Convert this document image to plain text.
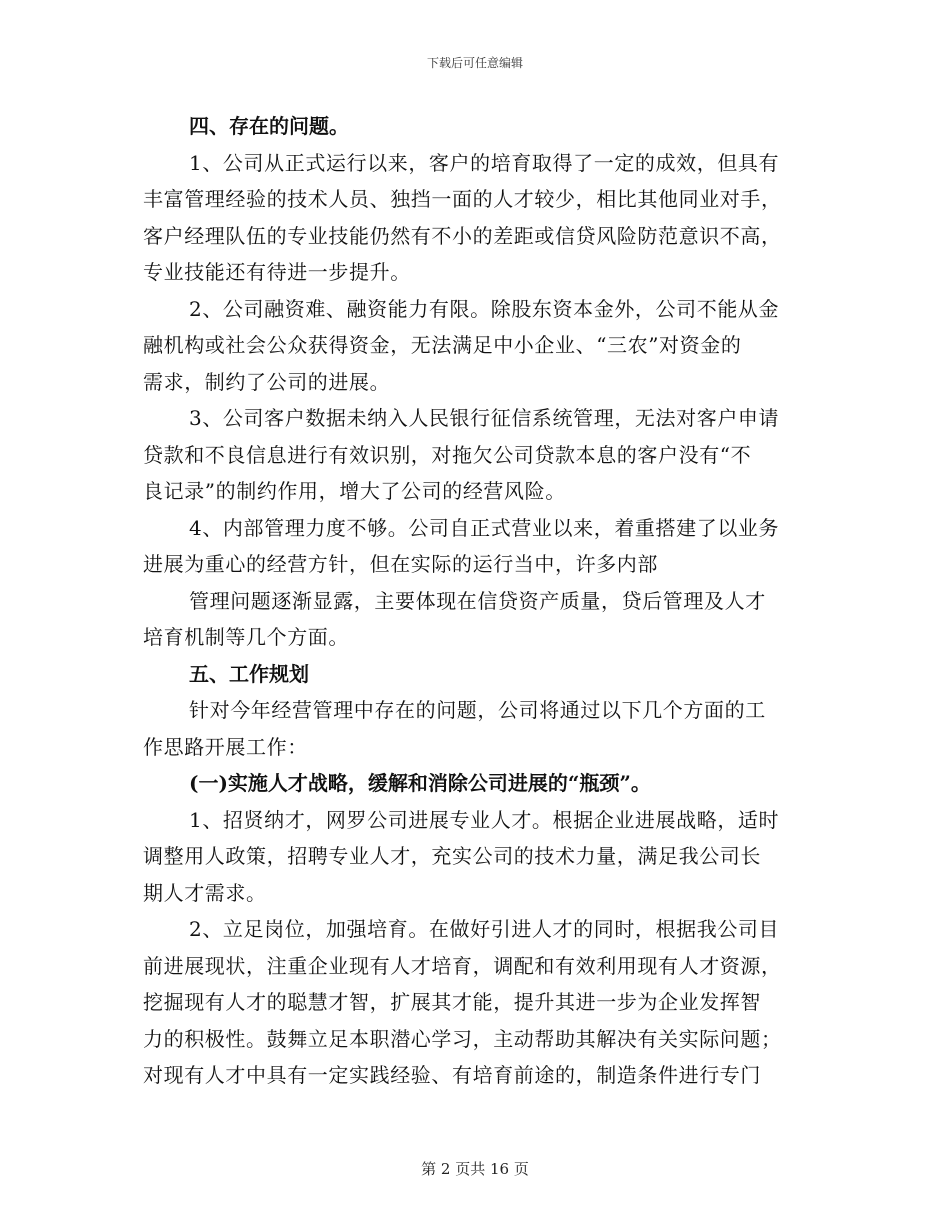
下载后可任意编辑
四、存在的问题。
1、公司从正式运行以来，客户的培育取得了一定的成效，但具有
丰富管理经验的技术人员、独挡一面的人才较少，相比其他同业对手，
客户经理队伍的专业技能仍然有不小的差距或信贷风险防范意识不高，
专业技能还有待进一步提升。
2、公司融资难、融资能力有限。除股东资本金外，公司不能从金
融机构或社会公众获得资金，无法满足中小企业、“三农”对资金的
需求，制约了公司的进展。
3、公司客户数据未纳入人民银行征信系统管理，无法对客户申请
贷款和不良信息进行有效识别，对拖欠公司贷款本息的客户没有“不
良记录”的制约作用，增大了公司的经营风险。
4、内部管理力度不够。公司自正式营业以来，着重搭建了以业务
进展为重心的经营方针，但在实际的运行当中，许多内部
管理问题逐渐显露，主要体现在信贷资产质量，贷后管理及人才
培育机制等几个方面。
五、工作规划
针对今年经营管理中存在的问题，公司将通过以下几个方面的工
作思路开展工作：
(一)实施人才战略，缓解和消除公司进展的“瓶颈”。
1、招贤纳才，网罗公司进展专业人才。根据企业进展战略，适时
调整用人政策，招聘专业人才，充实公司的技术力量，满足我公司长
期人才需求。
2、立足岗位，加强培育。在做好引进人才的同时，根据我公司目
前进展现状，注重企业现有人才培育，调配和有效利用现有人才资源，
挖掘现有人才的聪慧才智，扩展其才能，提升其进一步为企业发挥智
力的积极性。鼓舞立足本职潜心学习，主动帮助其解决有关实际问题；
对现有人才中具有一定实践经验、有培育前途的，制造条件进行专门
第 2 页共 16 页
